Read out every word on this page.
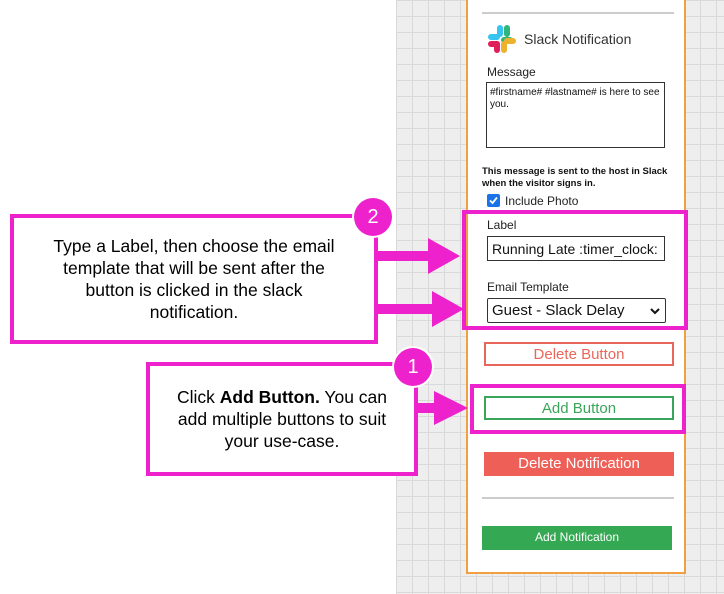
Slack Notification
Message
#firstname# #lastname# is here to see you.
This message is sent to the host in Slack when the visitor signs in.
Include Photo
Label
Running Late :timer_clock:
Email Template
Guest - Slack Delay
Delete Button
Add Button
Delete Notification
Add Notification
Type a Label, then choose the email template that will be sent after the button is clicked in the slack notification.
2
Click Add Button. You can add multiple buttons to suit your use-case.
1
